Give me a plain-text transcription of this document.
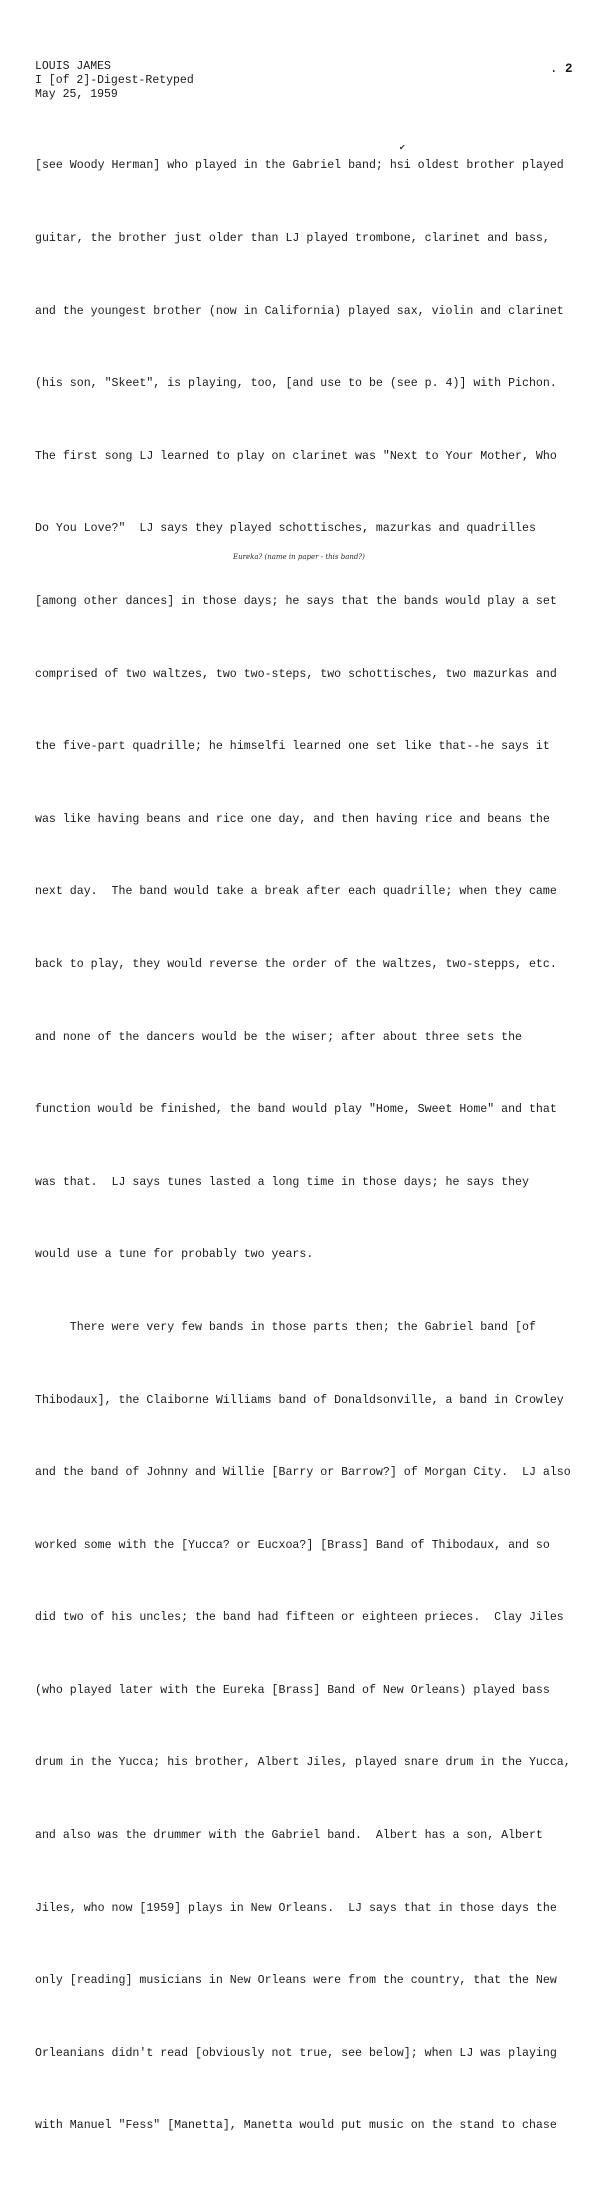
LOUIS JAMES
I [of 2]-Digest-Retyped
May 25, 1959
. 2
✔
Eureka? (name in paper - this band?)

[see Woody Herman] who played in the Gabriel band; hsi oldest brother played

guitar, the brother just older than LJ played trombone, clarinet and bass,

and the youngest brother (now in California) played sax, violin and clarinet

(his son, "Skeet", is playing, too, [and use to be (see p. 4)] with Pichon.

The first song LJ learned to play on clarinet was "Next to Your Mother, Who

Do You Love?"  LJ says they played schottisches, mazurkas and quadrilles

[among other dances] in those days; he says that the bands would play a set

comprised of two waltzes, two two-steps, two schottisches, two mazurkas and

the five-part quadrille; he himselfi learned one set like that--he says it

was like having beans and rice one day, and then having rice and beans the

next day.  The band would take a break after each quadrille; when they came

back to play, they would reverse the order of the waltzes, two-stepps, etc.

and none of the dancers would be the wiser; after about three sets the

function would be finished, the band would play "Home, Sweet Home" and that

was that.  LJ says tunes lasted a long time in those days; he says they

would use a tune for probably two years.

There were very few bands in those parts then; the Gabriel band [of

Thibodaux], the Claiborne Williams band of Donaldsonville, a band in Crowley

and the band of Johnny and Willie [Barry or Barrow?] of Morgan City.  LJ also

worked some with the [Yucca? or Eucxoa?] [Brass] Band of Thibodaux, and so

did two of his uncles; the band had fifteen or eighteen prieces.  Clay Jiles

(who played later with the Eureka [Brass] Band of New Orleans) played bass

drum in the Yucca; his brother, Albert Jiles, played snare drum in the Yucca,

and also was the drummer with the Gabriel band.  Albert has a son, Albert

Jiles, who now [1959] plays in New Orleans.  LJ says that in those days the

only [reading] musicians in New Orleans were from the country, that the New

Orleanians didn't read [obviously not true, see below]; when LJ was playing

with Manuel "Fess" [Manetta], Manetta would put music on the stand to chase
